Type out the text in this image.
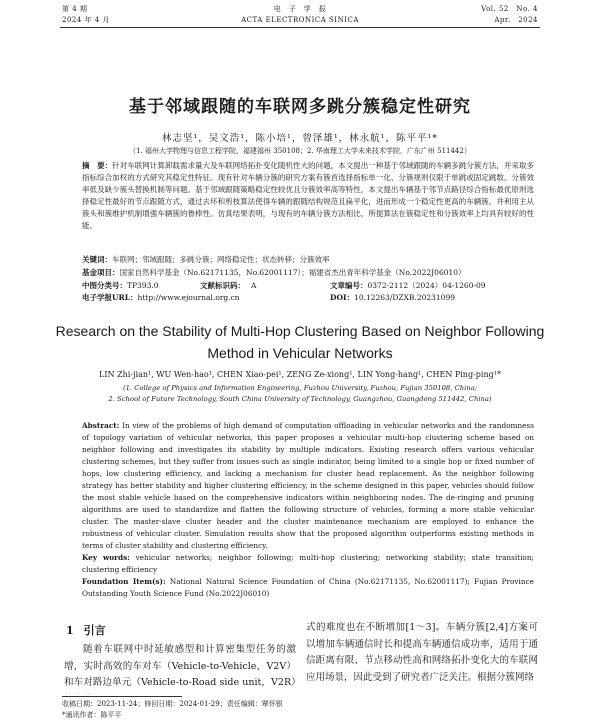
第 4 期
2024 年 4 月
电　子　学　报
ACTA ELECTRONICA SINICA
Vol. 52　No. 4
Apr.　2024
基于邻域跟随的车联网多跳分簇稳定性研究
林志坚¹，吴文浩¹，陈小培¹，曾泽雄¹，林永航¹，陈平平¹*
（1. 福州大学物理与信息工程学院，福建福州 350108；2. 华南理工大学未来技术学院，广东广州 511442）
摘　要：针对车联网计算卸载需求量大及车联网络拓扑变化随机性大的问题，本文提出一种基于邻域跟随的车辆多跳分簇方法，并采取多指标综合加权的方式研究其稳定性特征。现有针对车辆分簇的研究方案有簇首选择指标单一化、分簇规则仅限于单跳或固定跳数、分簇效率低及缺少簇头替换机制等问题。基于邻域跟随策略稳定性较优且分簇效率高等特性，本文提出车辆基于邻节点路径综合指标最优原则选择稳定性最好的节点跟随方式，通过去环和剪枝算法使得车辆的跟随结构规范且扁平化，进而形成一个稳定性更高的车辆簇，并利用主从簇头和簇维护机制增强车辆簇的鲁棒性。仿真结果表明，与现有的车辆分簇方法相比，所提算法在簇稳定性和分簇效率上均具有较好的性能。
关键词：车联网；邻域跟随；多跳分簇；网络稳定性；状态转移；分簇效率
基金项目：国家自然科学基金（No.62171135，No.62001117）；福建省杰出青年科学基金（No.2022J06010）
中图分类号：TP393.0	文献标识码： A	文章编号：0372-2112（2024）04-1260-09
电子学报URL：http://www.ejournal.org.cn	DOI：10.12263/DZXB.20231099
Research on the Stability of Multi-Hop Clustering Based on Neighbor Following Method in Vehicular Networks
LIN Zhi-jian¹, WU Wen-hao¹, CHEN Xiao-pei¹, ZENG Ze-xiong¹, LIN Yong-hang¹, CHEN Ping-ping¹*
(1. College of Physics and Information Engineering, Fuzhou University, Fuzhou, Fujian 350108, China;
2. School of Future Technology, South China University of Technology, Guangzhou, Guangdong 511442, China)
Abstract: In view of the problems of high demand of computation offloading in vehicular networks and the randomness of topology variation of vehicular networks, this paper proposes a vehicular multi-hop clustering scheme based on neighbor following and investigates its stability by multiple indicators. Existing research offers various vehicular clustering schemes, but they suffer from issues such as single indicator, being limited to a single hop or fixed number of hops, low clustering efficiency, and lacking a mechanism for cluster head replacement. As the neighbor following strategy has better stability and higher clustering efficiency, in the scheme designed in this paper, vehicles should follow the most stable vehicle based on the comprehensive indicators within neighboring nodes. The de-ringing and pruning algorithms are used to standardize and flatten the following structure of vehicles, forming a more stable vehicular cluster. The master-slave cluster header and the cluster maintenance mechanism are employed to enhance the robustness of vehicular cluster. Simulation results show that the proposed algorithm outperforms existing methods in terms of cluster stability and clustering efficiency.
Key words: vehicular networks; neighbor following; multi-hop clustering; networking stability; state transition; clustering efficiency
Foundation Item(s): National Natural Science Foundation of China (No.62171135, No.62001117); Fujian Province Outstanding Youth Science Fund (No.2022J06010)
1 引言
随着车联网中时延敏感型和计算密集型任务的激增，实时高效的车对车（Vehicle-to-Vehicle，V2V）和车对路边单元（Vehicle-to-Road side unit，V2R）
式的难度也在不断增加[1～3]。车辆分簇[2,4]方案可以增加车辆通信时长和提高车辆通信成功率，适用于通信距离有限、节点移动性高和网络拓扑变化大的车联网应用场景，因此受到了研究者广泛关注。根据分簇网络
收稿日期：2023-11-24；修回日期：2024-01-29；责任编辑：覃怀银
*通讯作者：陈平平
